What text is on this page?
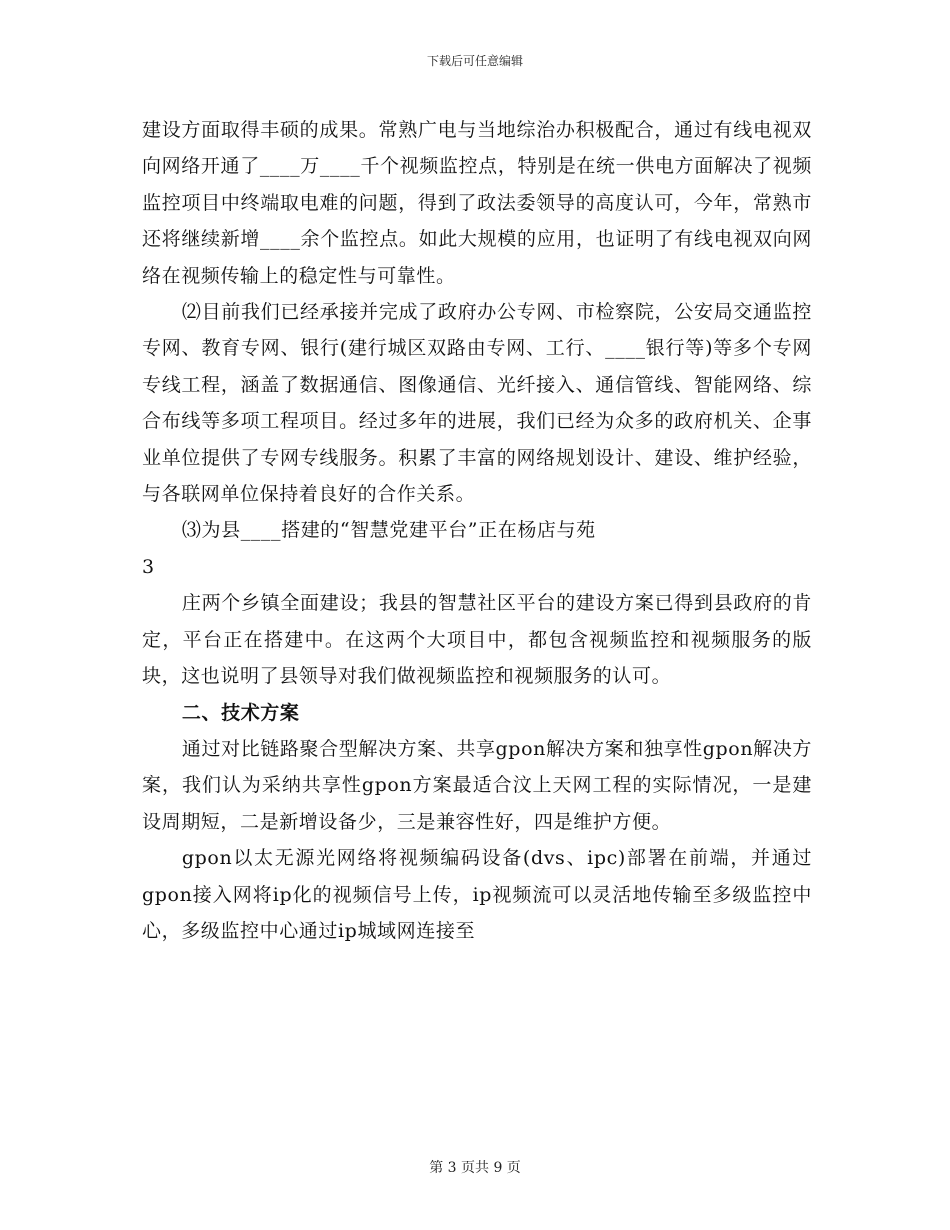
下载后可任意编辑

建设方面取得丰硕的成果。常熟广电与当地综治办积极配合，通过有线电视双向网络开通了____万____千个视频监控点，特别是在统一供电方面解决了视频监控项目中终端取电难的问题，得到了政法委领导的高度认可，今年，常熟市还将继续新增____余个监控点。如此大规模的应用，也证明了有线电视双向网络在视频传输上的稳定性与可靠性。

⑵目前我们已经承接并完成了政府办公专网、市检察院，公安局交通监控专网、教育专网、银行(建行城区双路由专网、工行、____银行等)等多个专网专线工程，涵盖了数据通信、图像通信、光纤接入、通信管线、智能网络、综合布线等多项工程项目。经过多年的进展，我们已经为众多的政府机关、企事业单位提供了专网专线服务。积累了丰富的网络规划设计、建设、维护经验，与各联网单位保持着良好的合作关系。

⑶为县____搭建的“智慧党建平台”正在杨店与苑

3

庄两个乡镇全面建设；我县的智慧社区平台的建设方案已得到县政府的肯定，平台正在搭建中。在这两个大项目中，都包含视频监控和视频服务的版块，这也说明了县领导对我们做视频监控和视频服务的认可。

二、技术方案

通过对比链路聚合型解决方案、共享gpon解决方案和独享性gpon解决方案，我们认为采纳共享性gpon方案最适合汶上天网工程的实际情况，一是建设周期短，二是新增设备少，三是兼容性好，四是维护方便。

gpon以太无源光网络将视频编码设备(dvs、ipc)部署在前端，并通过gpon接入网将ip化的视频信号上传，ip视频流可以灵活地传输至多级监控中心，多级监控中心通过ip城域网连接至

第 3 页共 9 页
